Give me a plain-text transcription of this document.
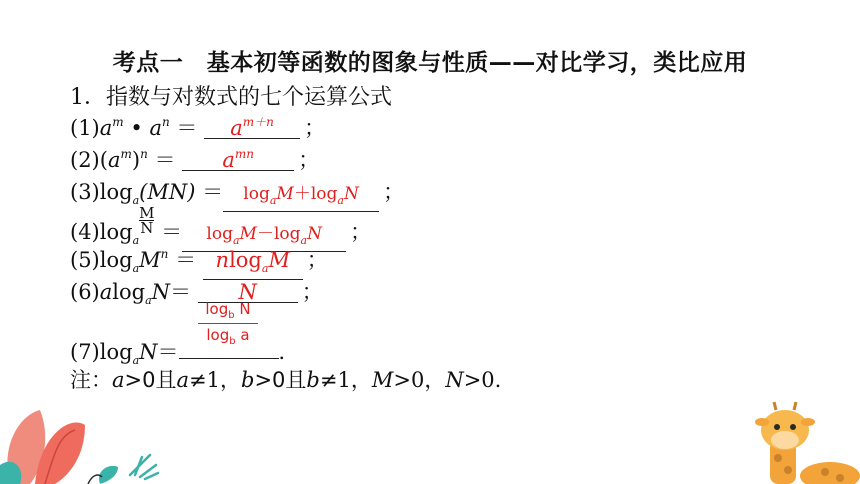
考点一　基本初等函数的图象与性质——对比学习，类比应用
1．指数与对数式的七个运算公式
$(1)a^m$ • $a^n = a^{m+n}$ ；
$(2)(a^m)^n = a^{mn}$ ；
$(3)\log_a(MN) = \log_aM+\log_aN$ ；
$(4)\log_a$
$\frac{M}{N} = \log_aM-\log_aN$ ；
$(5)\log_aM^n = nlog_aM$ ；
(6)alog$_a$N＝ N ；
$\frac{\log_b N}{\log_b a}$
$(7)\log_aN=$	．
注：a>0且a≠1，b>0且b≠1，M>0，N>0.
